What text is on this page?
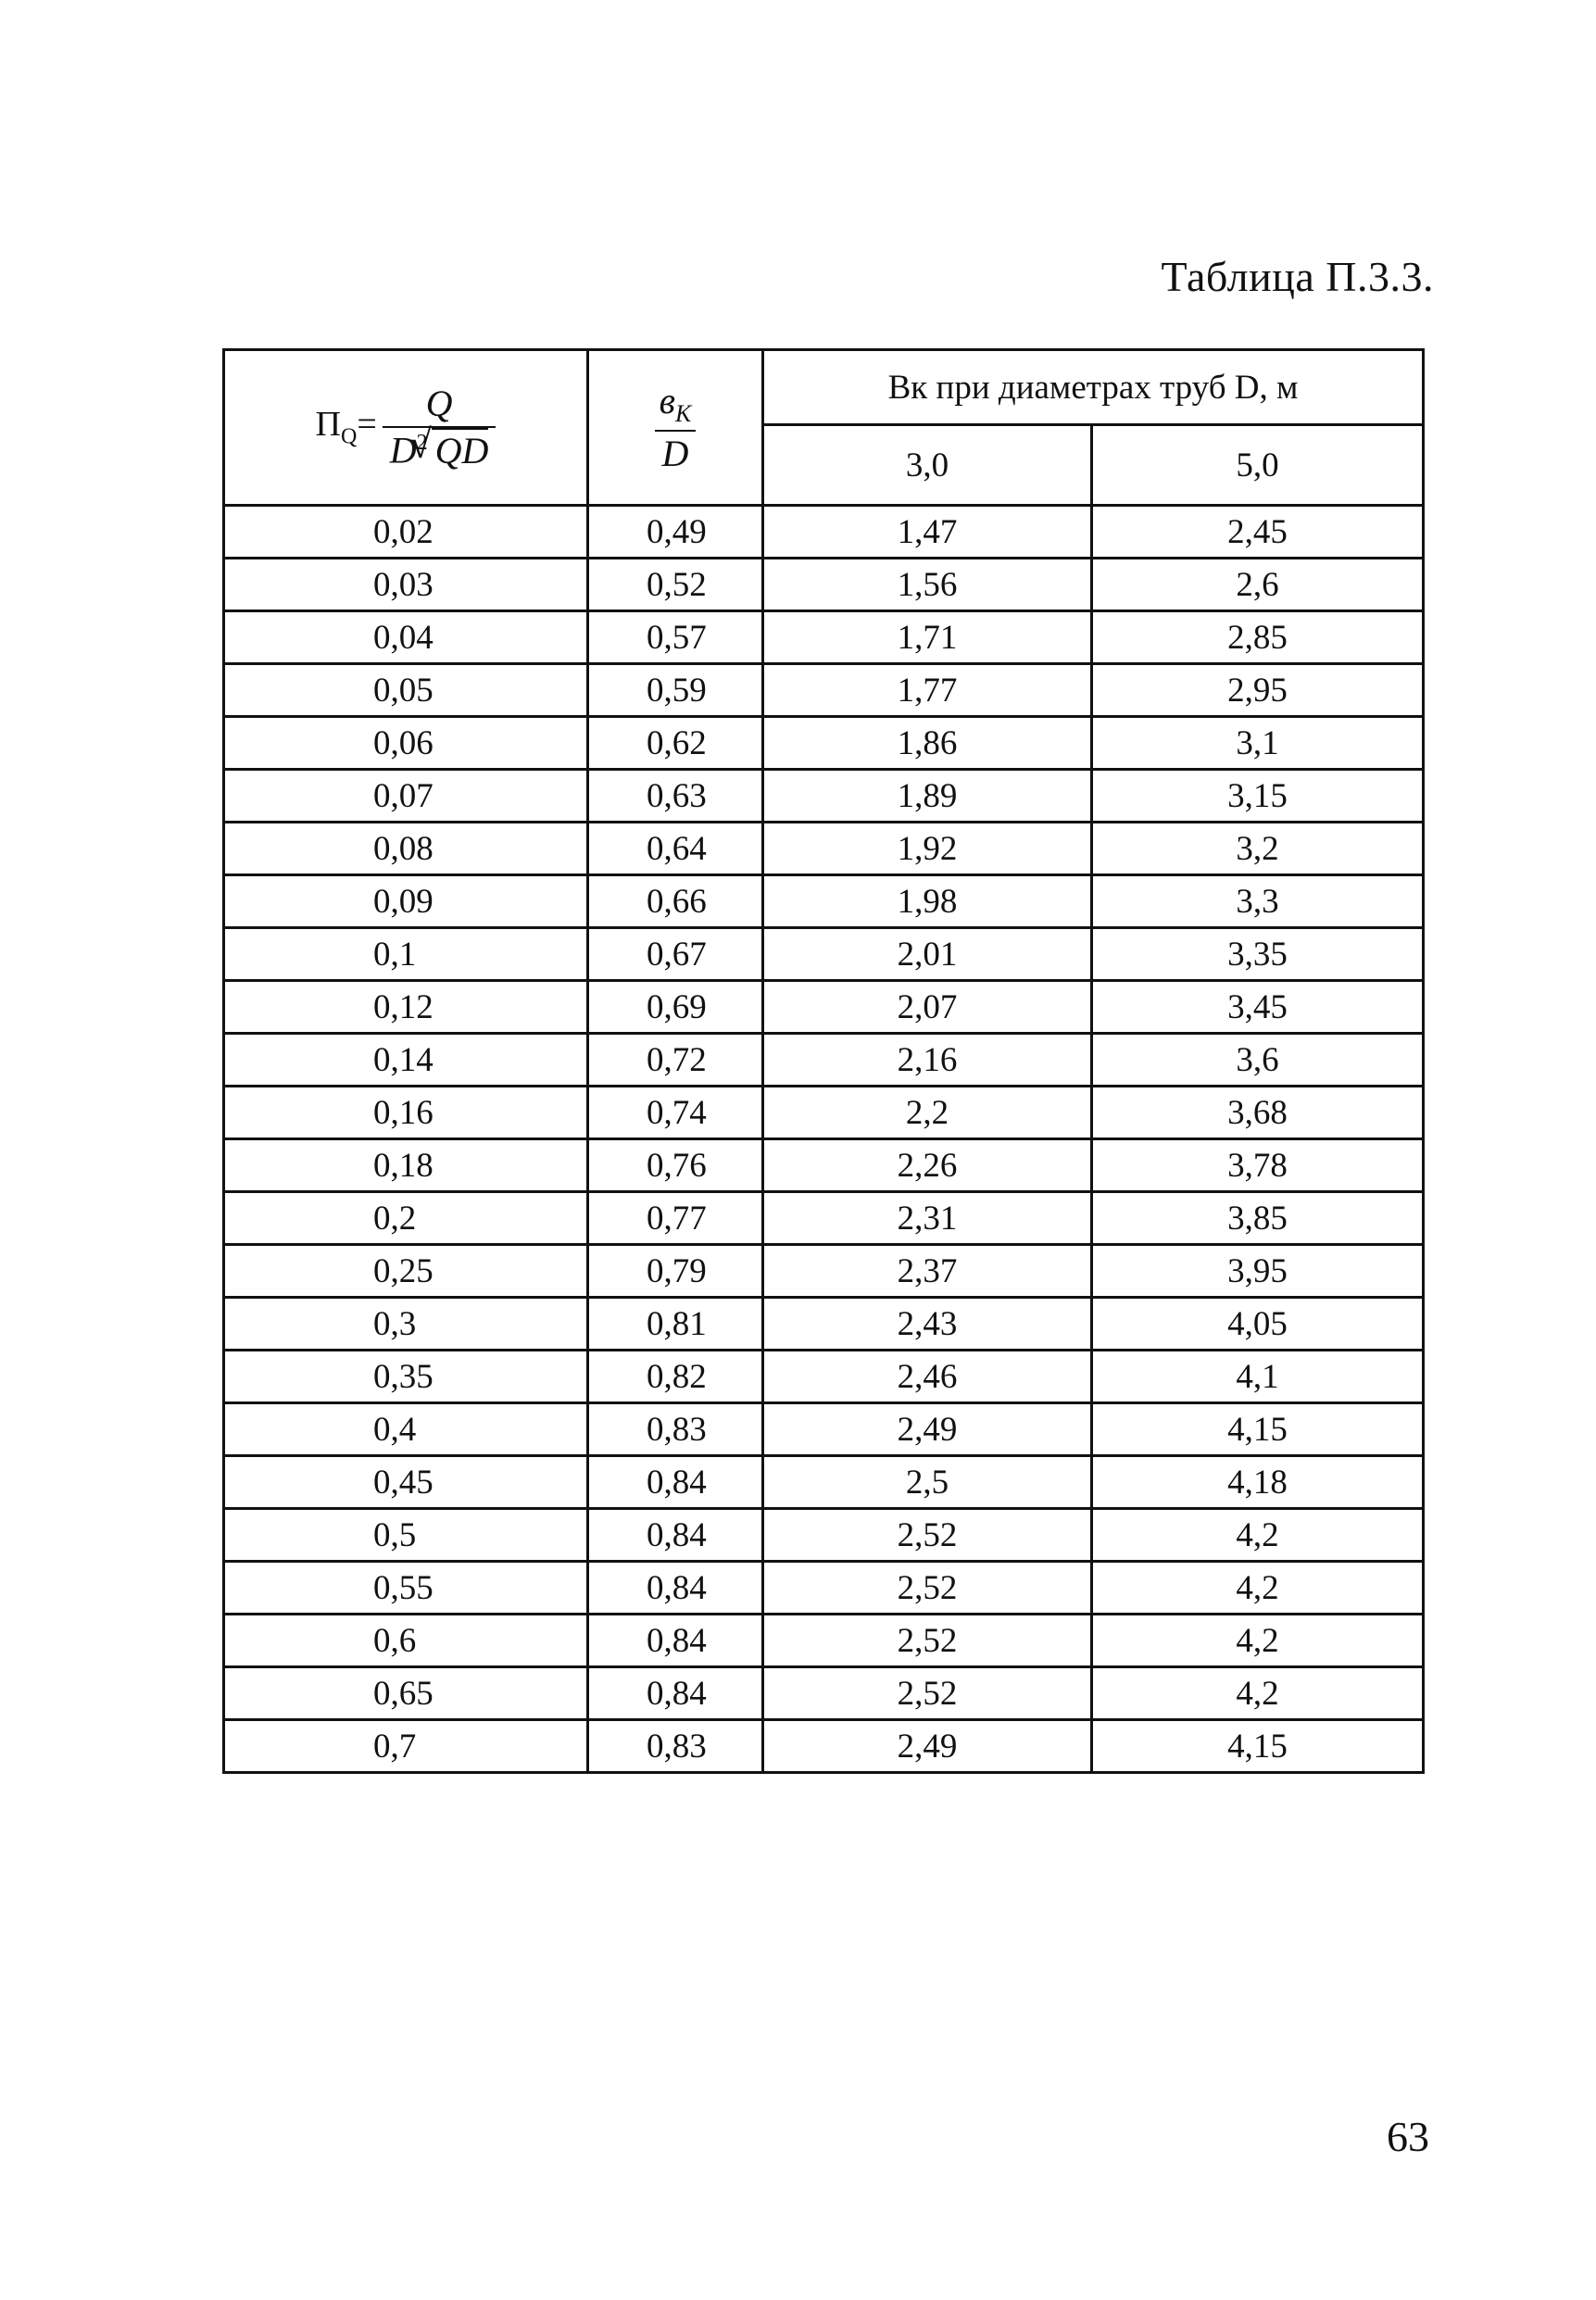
Таблица П.3.3.
$П_Q= \frac{Q}{D^2 √ QD}$	$\frac{в_К}{D}$	Вк при диаметрах труб D, м	
		3,0	5,0
0,02	0,49	1,47	2,45
0,03	0,52	1,56	2,6
0,04	0,57	1,71	2,85
0,05	0,59	1,77	2,95
0,06	0,62	1,86	3,1
0,07	0,63	1,89	3,15
0,08	0,64	1,92	3,2
0,09	0,66	1,98	3,3
0,1	0,67	2,01	3,35
0,12	0,69	2,07	3,45
0,14	0,72	2,16	3,6
0,16	0,74	2,2	3,68
0,18	0,76	2,26	3,78
0,2	0,77	2,31	3,85
0,25	0,79	2,37	3,95
0,3	0,81	2,43	4,05
0,35	0,82	2,46	4,1
0,4	0,83	2,49	4,15
0,45	0,84	2,5	4,18
0,5	0,84	2,52	4,2
0,55	0,84	2,52	4,2
0,6	0,84	2,52	4,2
0,65	0,84	2,52	4,2
0,7	0,83	2,49	4,15
63
